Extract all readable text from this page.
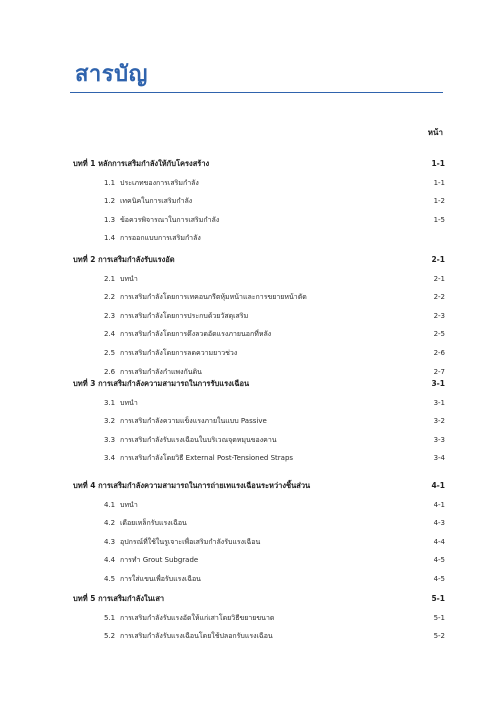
สารบัญ
หน้า
บทที่ 1 หลักการเสริมกำลังให้กับโครงสร้าง	1-1
1.1 ประเภทของการเสริมกำลัง	1-1
1.2 เทคนิคในการเสริมกำลัง	1-2
1.3 ข้อควรพิจารณาในการเสริมกำลัง	1-5
1.4 การออกแบบการเสริมกำลัง
บทที่ 2 การเสริมกำลังรับแรงอัด	2-1
2.1 บทนำ	2-1
2.2 การเสริมกำลังโดยการเทคอนกรีตหุ้มหน้าและการขยายหน้าตัด	2-2
2.3 การเสริมกำลังโดยการประกบด้วยวัสดุเสริม	2-3
2.4 การเสริมกำลังโดยการดึงลวดอัดแรงภายนอกที่หลัง	2-5
2.5 การเสริมกำลังโดยการลดความยาวช่วง	2-6
2.6 การเสริมกำลังกำแพงกันดิน	2-7
บทที่ 3 การเสริมกำลังความสามารถในการรับแรงเฉือน	3-1
3.1 บทนำ	3-1
3.2 การเสริมกำลังความแข็งแรงภายในแบบ Passive	3-2
3.3 การเสริมกำลังรับแรงเฉือนในบริเวณจุดหมุนของคาน	3-3
3.4 การเสริมกำลังโดยวิธี External Post-Tensioned Straps	3-4
บทที่ 4 การเสริมกำลังความสามารถในการถ่ายเทแรงเฉือนระหว่างชิ้นส่วน	4-1
4.1 บทนำ	4-1
4.2 เดือยเหล็กรับแรงเฉือน	4-3
4.3 อุปกรณ์ที่ใช้ในรูเจาะเพื่อเสริมกำลังรับแรงเฉือน	4-4
4.4 การทำ Grout Subgrade	4-5
4.5 การใส่แขนเพื่อรับแรงเฉือน	4-5
บทที่ 5 การเสริมกำลังในเสา	5-1
5.1 การเสริมกำลังรับแรงอัดให้แก่เสาโดยวิธีขยายขนาด	5-1
5.2 การเสริมกำลังรับแรงเฉือนโดยใช้ปลอกรับแรงเฉือน	5-2
